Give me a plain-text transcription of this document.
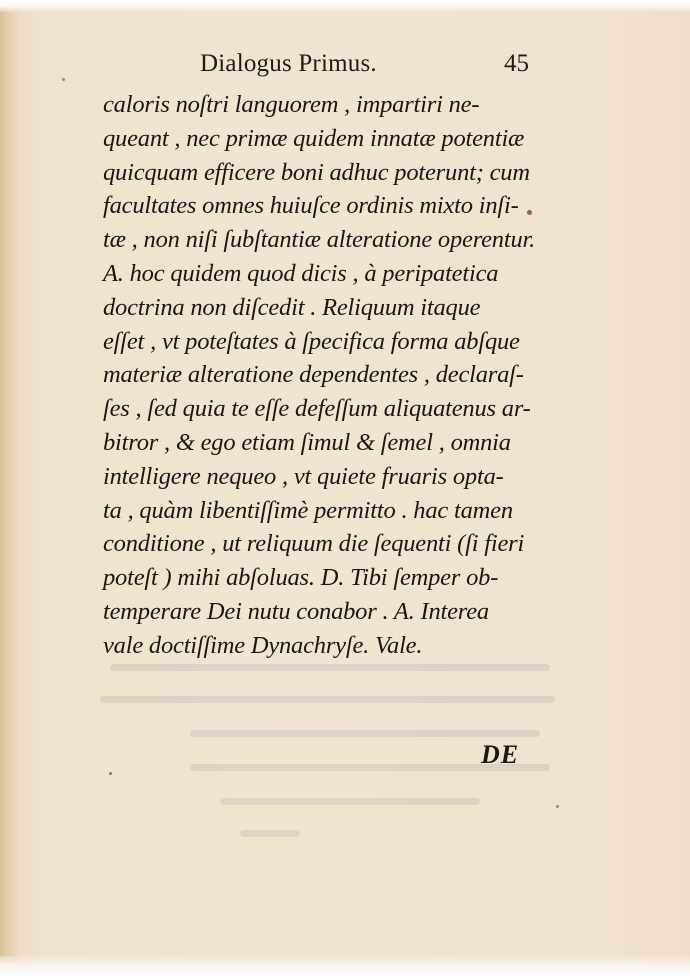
Dialogus Primus.	45
caloris noſtri languorem , impartiri ne-
queant , nec primæ quidem innatæ potentiæ
quicquam efficere boni adhuc poterunt; cum
facultates omnes huiuſce ordinis mixto inſi-
tæ , non niſi ſubſtantiæ alteratione operentur.
A. hoc quidem quod dicis , à peripatetica
doctrina non diſcedit . Reliquum itaque
eſſet , vt poteſtates à ſpecifica forma abſque
materiæ alteratione dependentes , declaraſ-
ſes , ſed quia te eſſe defeſſum aliquatenus ar-
bitror , & ego etiam ſimul & ſemel , omnia
intelligere nequeo , vt quiete fruaris opta-
ta , quàm libentiſſimè permitto . hac tamen
conditione , ut reliquum die ſequenti (ſi fieri
poteſt ) mihi abſoluas. D. Tibi ſemper ob-
temperare Dei nutu conabor . A. Interea
vale doctiſſime Dynachryſe. Vale.
DE
